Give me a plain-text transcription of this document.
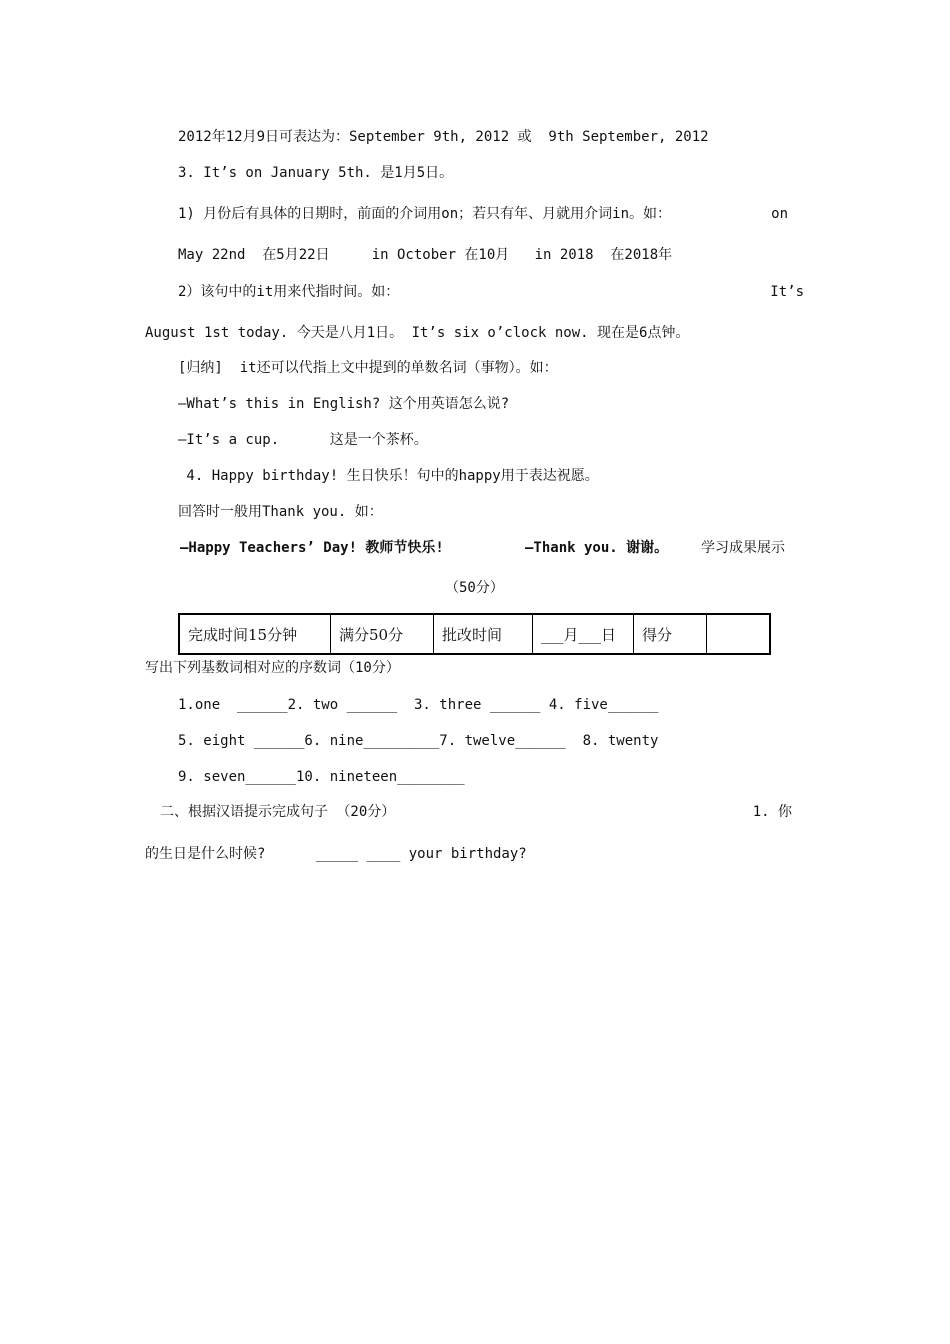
2012年12月9日可表达为：September 9th, 2012 或  9th September, 2012
3. It’s on January 5th. 是1月5日。
1) 月份后有具体的日期时，前面的介词用on；若只有年、月就用介词in。如：	on
May 22nd  在5月22日     in October 在10月   in 2018  在2018年
2）该句中的it用来代指时间。如：	It’s
August 1st today. 今天是八月1日。 It’s six o’clock now. 现在是6点钟。
[归纳]  it还可以代指上文中提到的单数名词（事物）。如：
—What’s this in English? 这个用英语怎么说?
—It’s a cup.      这是一个茶杯。
4. Happy birthday! 生日快乐！句中的happy用于表达祝愿。
回答时一般用Thank you. 如：
—Happy Teachers’ Day! 教师节快乐!	—Thank you. 谢谢。 学习成果展示
（50分）
完成时间15分钟	满分50分	批改时间	___月___日	得分	
写出下列基数词相对应的序数词（10分）
1.one  ______2. two ______  3. three ______ 4. five______
5. eight ______6. nine_________7. twelve______  8. twenty
9. seven______10. nineteen________
二、根据汉语提示完成句子 （20分）	1. 你
的生日是什么时候?      _____ ____ your birthday?
